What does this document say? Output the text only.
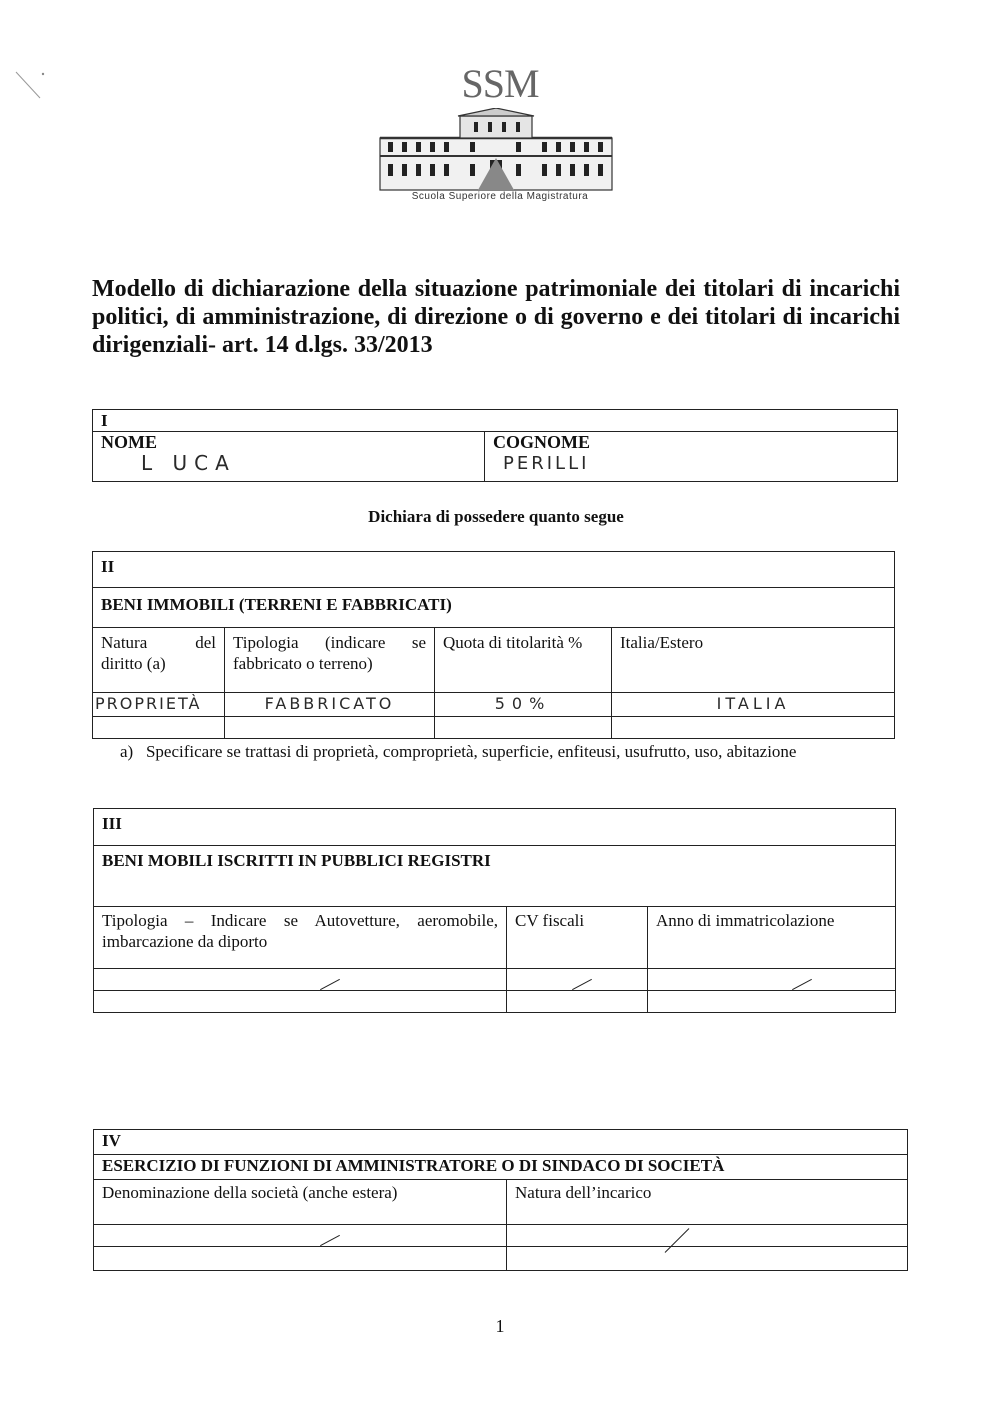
SSM
Scuola Superiore della Magistratura
Modello di dichiarazione della situazione patrimoniale dei titolari di incarichi politici, di amministrazione, di direzione o di governo e dei titolari di incarichi dirigenziali- art. 14 d.lgs. 33/2013
I

NOME
L UCA

COGNOME
PERILLI
Dichiara di possedere quanto segue
II			
BENI IMMOBILI (TERRENI E FABBRICATI)			
Natura del diritto (a)	Tipologia (indicare se fabbricato o terreno)	Quota di titolarità %	Italia/Estero
PROPRIETÀ	FABBRICATO	50%	ITALIA

a) Specificare se trattasi di proprietà, comproprietà, superficie, enfiteusi, usufrutto, uso, abitazione
III		
BENI MOBILI ISCRITTI IN PUBBLICI REGISTRI		
Tipologia – Indicare se Autovetture, aeromobile, imbarcazione da diporto	CV fiscali	Anno di immatricolazione

IV	
ESERCIZIO DI FUNZIONI DI AMMINISTRATORE O DI SINDACO DI SOCIETÀ	
Denominazione della società (anche estera)	Natura dell’incarico

1
